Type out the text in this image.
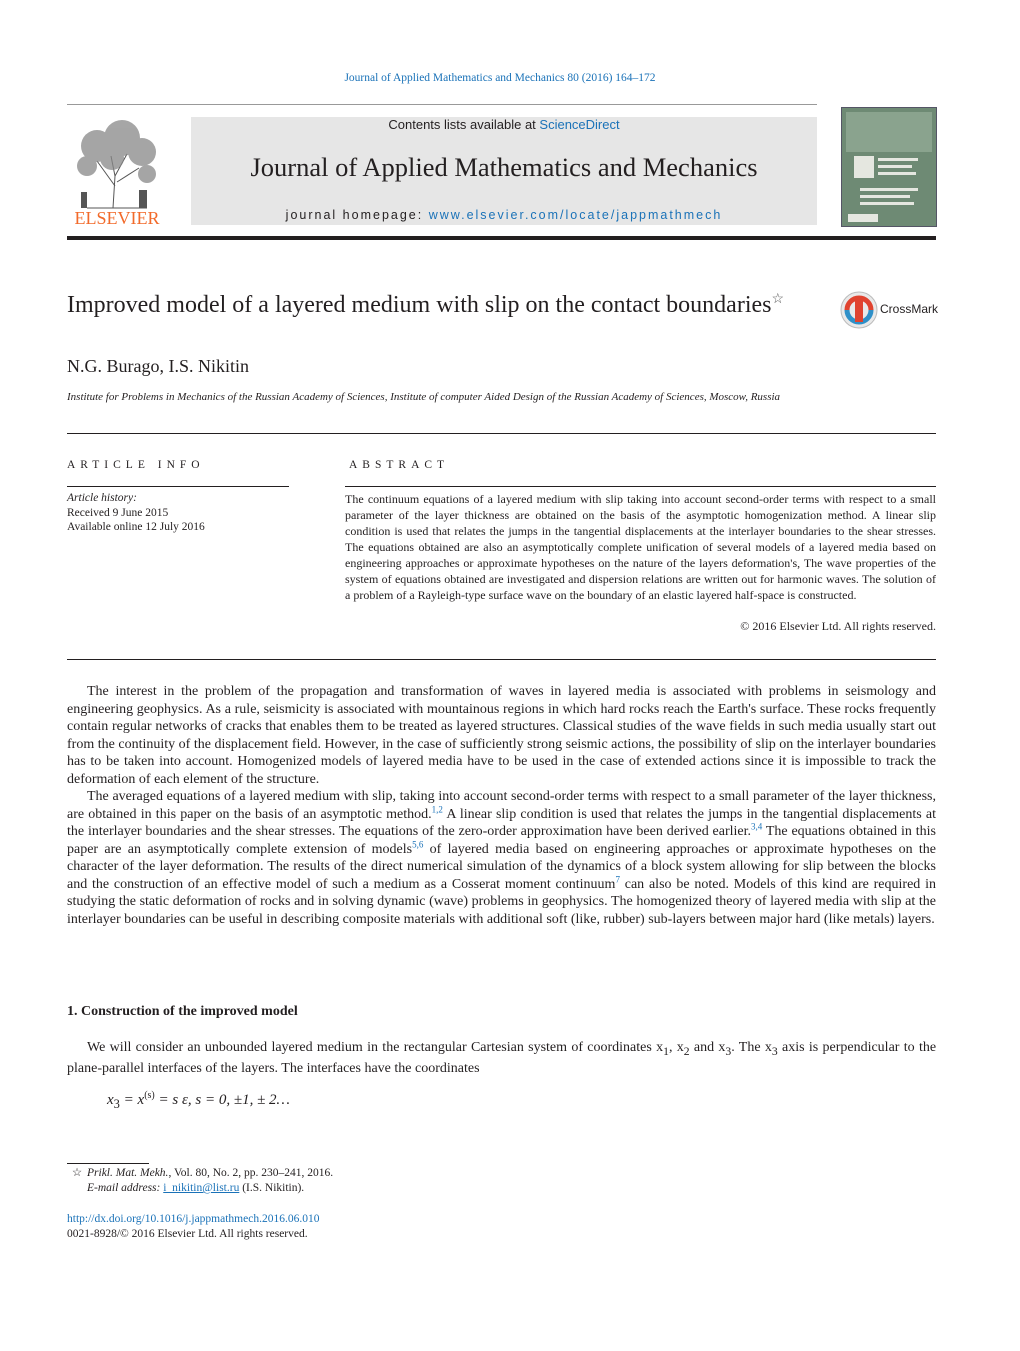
Journal of Applied Mathematics and Mechanics 80 (2016) 164–172
ELSEVIER
Contents lists available at ScienceDirect
Journal of Applied Mathematics and Mechanics
journal homepage: www.elsevier.com/locate/jappmathmech
Improved model of a layered medium with slip on the contact boundaries☆
CrossMark
N.G. Burago, I.S. Nikitin
Institute for Problems in Mechanics of the Russian Academy of Sciences, Institute of computer Aided Design of the Russian Academy of Sciences, Moscow, Russia
ARTICLE INFO	ABSTRACT
Article history:
Received 9 June 2015
Available online 12 July 2016
The continuum equations of a layered medium with slip taking into account second-order terms with respect to a small parameter of the layer thickness are obtained on the basis of the asymptotic homogenization method. A linear slip condition is used that relates the jumps in the tangential displacements at the interlayer boundaries to the shear stresses. The equations obtained are also an asymptotically complete unification of several models of a layered media based on engineering approaches or approximate hypotheses on the nature of the layers deformation's, The wave properties of the system of equations obtained are investigated and dispersion relations are written out for harmonic waves. The solution of a problem of a Rayleigh-type surface wave on the boundary of an elastic layered half-space is constructed.
© 2016 Elsevier Ltd. All rights reserved.

The interest in the problem of the propagation and transformation of waves in layered media is associated with problems in seismology and engineering geophysics. As a rule, seismicity is associated with mountainous regions in which hard rocks reach the Earth's surface. These rocks frequently contain regular networks of cracks that enables them to be treated as layered structures. Classical studies of the wave fields in such media usually start out from the continuity of the displacement field. However, in the case of sufficiently strong seismic actions, the possibility of slip on the interlayer boundaries has to be taken into account. Homogenized models of layered media have to be used in the case of extended actions since it is impossible to track the deformation of each element of the structure.

The averaged equations of a layered medium with slip, taking into account second-order terms with respect to a small parameter of the layer thickness, are obtained in this paper on the basis of an asymptotic method.$^{1,2}$ A linear slip condition is used that relates the jumps in the tangential displacements at the interlayer boundaries and the shear stresses. The equations of the zero-order approximation have been derived earlier.$^{3,4}$ The equations obtained in this paper are an asymptotically complete extension of models$^{5,6}$ of layered media based on engineering approaches or approximate hypotheses on the character of the layer deformation. The results of the direct numerical simulation of the dynamics of a block system allowing for slip between the blocks and the construction of an effective model of such a medium as a Cosserat moment continuum$^7$ can also be noted. Models of this kind are required in studying the static deformation of rocks and in solving dynamic (wave) problems in geophysics. The homogenized theory of layered media with slip at the interlayer boundaries can be useful in describing composite materials with additional soft (like, rubber) sub-layers between major hard (like metals) layers.

1. Construction of the improved model

We will consider an unbounded layered medium in the rectangular Cartesian system of coordinates $x_1$, $x_2$ and $x_3$. The $x_3$ axis is perpendicular to the plane-parallel interfaces of the layers. The interfaces have the coordinates

$x_3 = x^{(s)} = s$ ε, s = 0, ±1, ± 2…
☆ Prikl. Mat. Mekh., Vol. 80, No. 2, pp. 230–241, 2016.
E-mail address: i_nikitin@list.ru (I.S. Nikitin).
http://dx.doi.org/10.1016/j.jappmathmech.2016.06.010
0021-8928/© 2016 Elsevier Ltd. All rights reserved.
